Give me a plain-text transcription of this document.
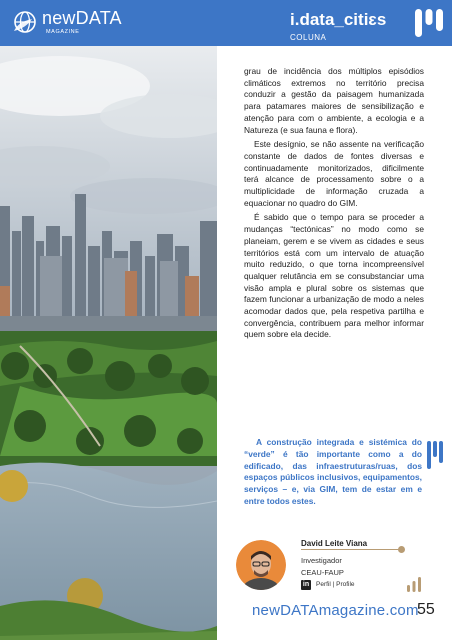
newDATA
MAGAZINE
i.data_citiɛs
COLUNA

grau de incidência dos múltiplos episódios climáticos extremos no território precisa conduzir a gestão da paisagem humanizada para patamares maiores de sensibilização e atenção para com o ambiente, a ecologia e a Natureza (e sua fauna e flora).

Este desígnio, se não assente na verificação constante de dados de fontes diversas e continuadamente monitorizados, dificilmente terá alcance de processamento sobre o a multiplicidade de informação cruzada a equacionar no quadro do GIM.

É sabido que o tempo para se proceder a mudanças “tectónicas” no modo como se planeiam, gerem e se vivem as cidades e seus territórios está com um intervalo de atuação muito reduzido, o que torna incompreensível qualquer relutância em se consubstanciar uma visão ampla e plural sobre os sistemas que fazem funcionar a urbanização de modo a neles acomodar dados que, pela respetiva partilha e convergência, contribuem para melhor informar quem sobre ela decide.

A construção integrada e sistémica do “verde” é tão importante como a do edificado, das infraestruturas/ruas, dos espaços públicos inclusivos, equipamentos, serviços – e, via GIM, tem de estar em e entre todos estes.
David Leite Viana
Investigador
CEAU-FAUP
in Perfil | Profile
newDATAmagazine.com
55
